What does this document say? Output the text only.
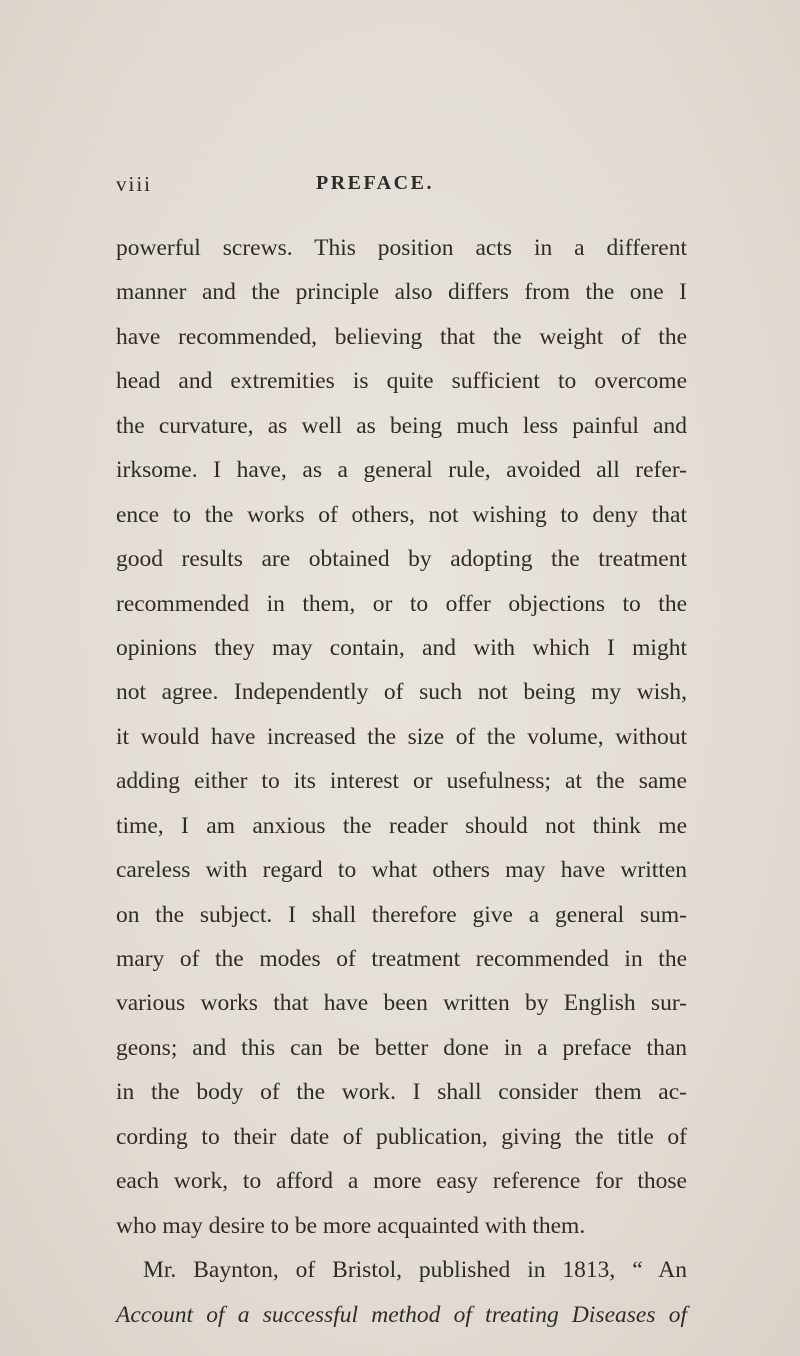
viii	PREFACE.
powerful screws. This position acts in a different
manner and the principle also differs from the one I
have recommended, believing that the weight of the
head and extremities is quite sufficient to overcome
the curvature, as well as being much less painful and
irksome. I have, as a general rule, avoided all refer-
ence to the works of others, not wishing to deny that
good results are obtained by adopting the treatment
recommended in them, or to offer objections to the
opinions they may contain, and with which I might
not agree. Independently of such not being my wish,
it would have increased the size of the volume, without
adding either to its interest or usefulness; at the same
time, I am anxious the reader should not think me
careless with regard to what others may have written
on the subject. I shall therefore give a general sum-
mary of the modes of treatment recommended in the
various works that have been written by English sur-
geons; and this can be better done in a preface than
in the body of the work. I shall consider them ac-
cording to their date of publication, giving the title of
each work, to afford a more easy reference for those
who may desire to be more acquainted with them.
Mr. Baynton, of Bristol, published in 1813, “ An
Account of a successful method of treating Diseases of
